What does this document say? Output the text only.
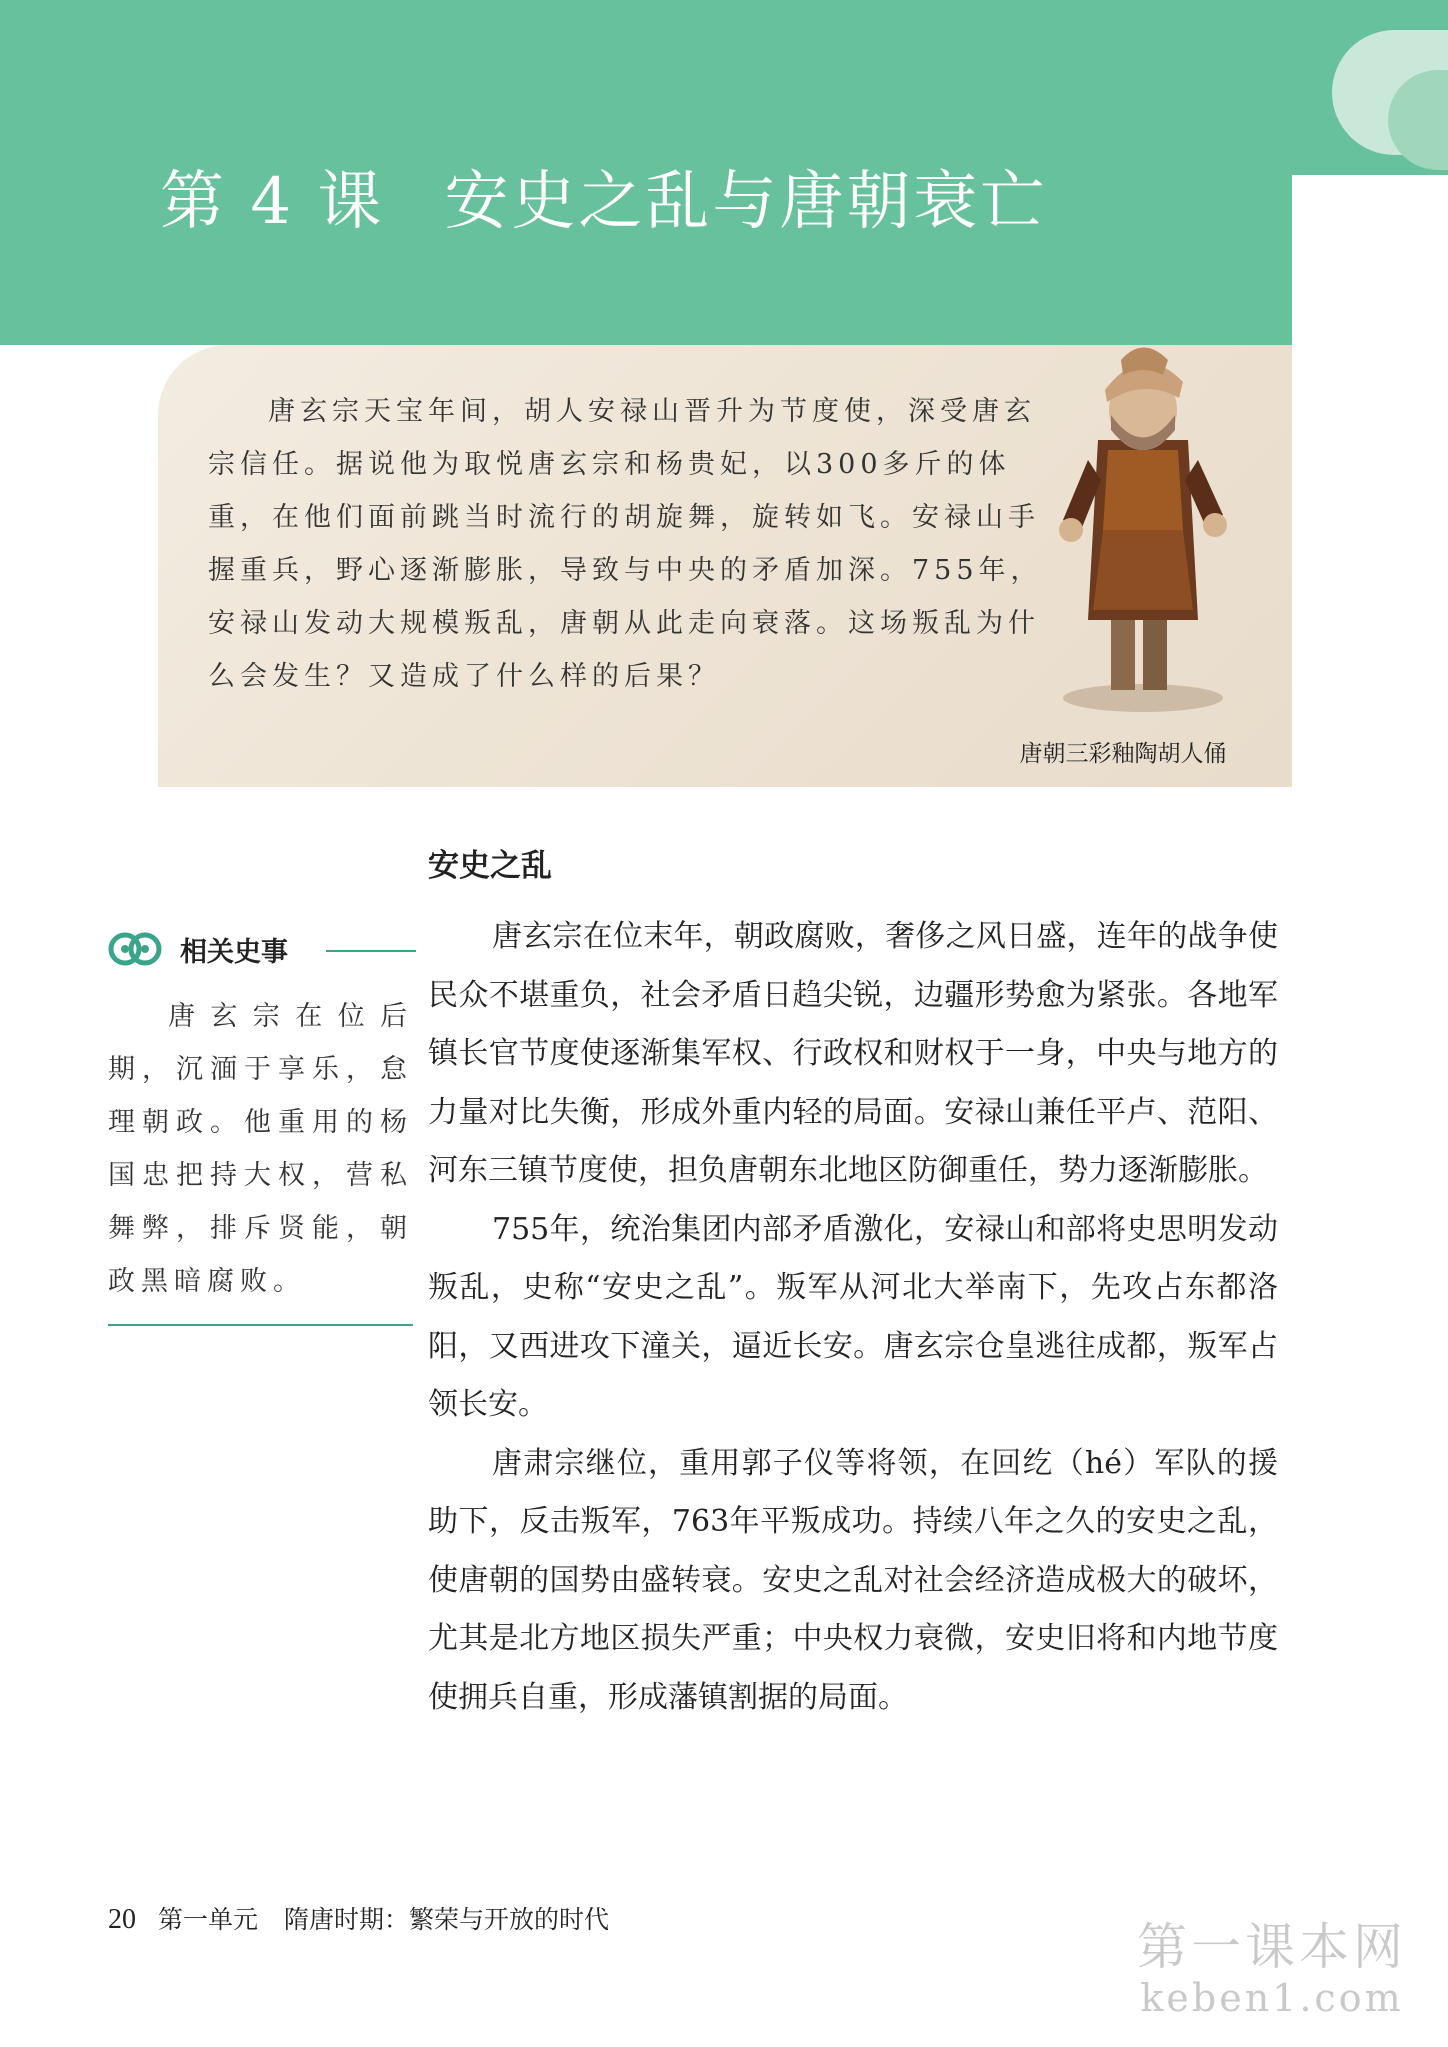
第 4 课 安史之乱与唐朝衰亡

唐玄宗天宝年间，胡人安禄山晋升为节度使，深受唐玄宗信任。据说他为取悦唐玄宗和杨贵妃，以300多斤的体重，在他们面前跳当时流行的胡旋舞，旋转如飞。安禄山手握重兵，野心逐渐膨胀，导致与中央的矛盾加深。755年，安禄山发动大规模叛乱，唐朝从此走向衰落。这场叛乱为什么会发生？又造成了什么样的后果？

唐朝三彩釉陶胡人俑
安史之乱

唐玄宗在位末年，朝政腐败，奢侈之风日盛，连年的战争使民众不堪重负，社会矛盾日趋尖锐，边疆形势愈为紧张。各地军镇长官节度使逐渐集军权、行政权和财权于一身，中央与地方的力量对比失衡，形成外重内轻的局面。安禄山兼任平卢、范阳、河东三镇节度使，担负唐朝东北地区防御重任，势力逐渐膨胀。

755年，统治集团内部矛盾激化，安禄山和部将史思明发动叛乱，史称“安史之乱”。叛军从河北大举南下，先攻占东都洛阳，又西进攻下潼关，逼近长安。唐玄宗仓皇逃往成都，叛军占领长安。

唐肃宗继位，重用郭子仪等将领，在回纥（hé）军队的援助下，反击叛军，763年平叛成功。持续八年之久的安史之乱，使唐朝的国势由盛转衰。安史之乱对社会经济造成极大的破坏，尤其是北方地区损失严重；中央权力衰微，安史旧将和内地节度使拥兵自重，形成藩镇割据的局面。

相关史事

唐玄宗在位后期，沉湎于享乐，怠理朝政。他重用的杨国忠把持大权，营私舞弊，排斥贤能，朝政黑暗腐败。

20 第一单元 隋唐时期：繁荣与开放的时代	第一课本网
keben1.com
